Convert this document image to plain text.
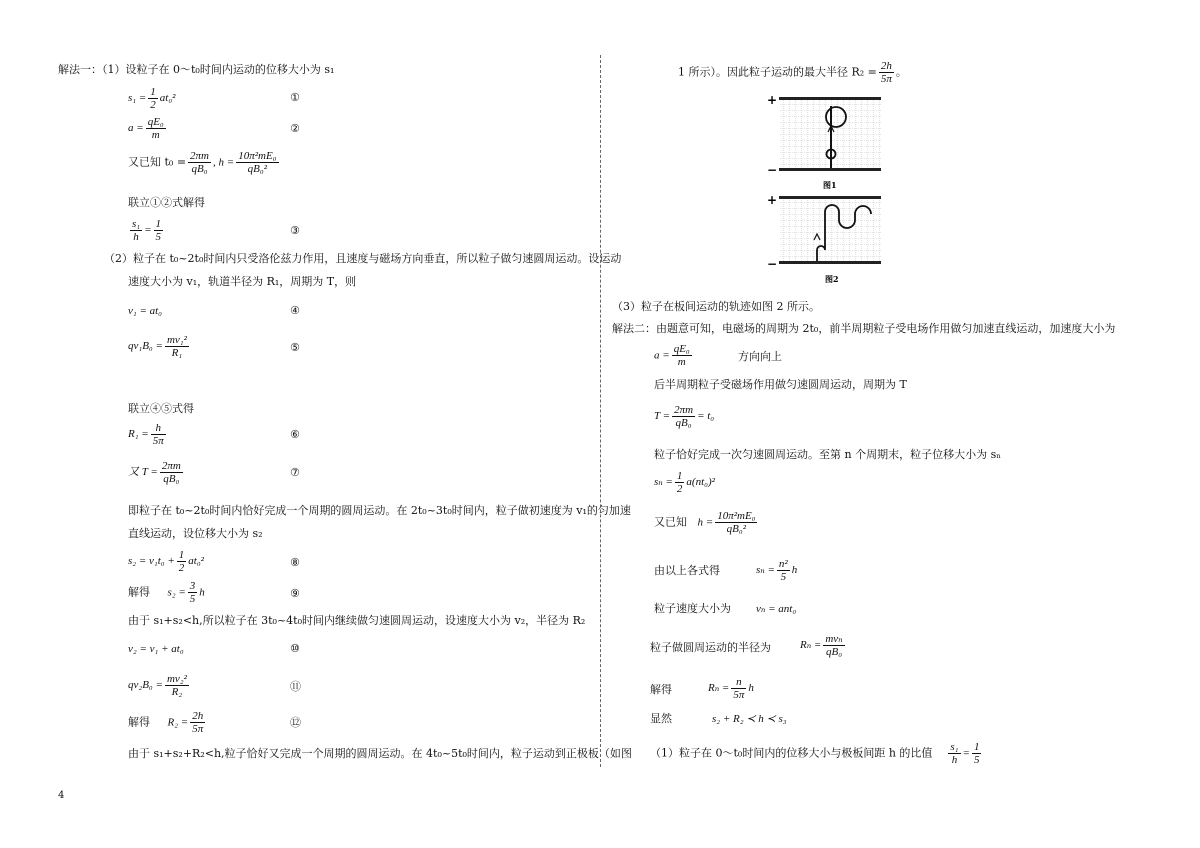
解法一：（1）设粒子在 0～t₀时间内运动的位移大小为 s₁
$s_1 = \frac{1}{2} at_0^2$	①
$a = \frac{\text{qE₀}}{m}$	②
又已知 $t_0 = \frac{2\pi m}{\text{qB₀}}$ , $h = \frac{\text{10π²mE₀}}{\text{qB₀²}}$
联立①②式解得
$\frac{\text{s₁}}{h} = \frac{1}{5}$	③
（2）粒子在 t₀~2t₀时间内只受洛伦兹力作用，且速度与磁场方向垂直，所以粒子做匀速圆周运动。设运动
速度大小为 v₁，轨道半径为 R₁，周期为 T，则
v₁ = at₀	④
$qv_1B_0 = \frac{\text{mv₁²}}{\text{R₁}}$	⑤
联立④⑤式得
$R_1 = \frac{h}{5\pi}$	⑥
又 $T = \frac{2\pi m}{\text{qB₀}}$	⑦
即粒子在 t₀~2t₀时间内恰好完成一个周期的圆周运动。在 2t₀~3t₀时间内，粒子做初速度为 v₁的匀加速
直线运动，设位移大小为 s₂
$s_2 = v_1t_0 + \frac{1}{2} at_0^2$	⑧
解得 $s_2 = \frac{3}{5}$ h	⑨
由于 s₁+s₂<h,所以粒子在 3t₀~4t₀时间内继续做匀速圆周运动，设速度大小为 v₂，半径为 R₂
v₂ = v₁ + at₀	⑩
$qv_2B_0 = \frac{\text{mv₂²}}{\text{R₂}}$	⑪
解得 $R_2 = \frac{2h}{5\pi}$	⑫
由于 s₁+s₂+R₂<h,粒子恰好又完成一个周期的圆周运动。在 4t₀~5t₀时间内，粒子运动到正极板（如图
1 所示）。因此粒子运动的最大半径 $R_2 = \frac{2h}{5\pi}$ 。
+
−
图1
+
−
图2
（3）粒子在板间运动的轨迹如图 2 所示。
解法二：由题意可知，电磁场的周期为 2t₀，前半周期粒子受电场作用做匀加速直线运动，加速度大小为
$a = \frac{\text{qE₀}}{m}$	方向向上
后半周期粒子受磁场作用做匀速圆周运动，周期为 T
$T = \frac{2\pi m}{\text{qB₀}} = t_0$
粒子恰好完成一次匀速圆周运动。至第 n 个周期末，粒子位移大小为 sₙ
$s_n = \frac{1}{2} a(nt_0)^2$
又已知 $h = \frac{\text{10π²mE₀}}{\text{qB₀²}}$
由以上各式得	$s_n = \frac{\text{n²}}{5}$ h
粒子速度大小为 vₙ = ant₀
粒子做圆周运动的半径为	Rₙ =
mvₙ
qB₀
解得	$R_n = \frac{n}{5\pi}$ h
显然	s₂ + R₂ ≺ h ≺ s₃
（1）粒子在 0～t₀时间内的位移大小与极板间距 h 的比值 $\frac{\text{s₁}}{h} = \frac{1}{5}$
4
